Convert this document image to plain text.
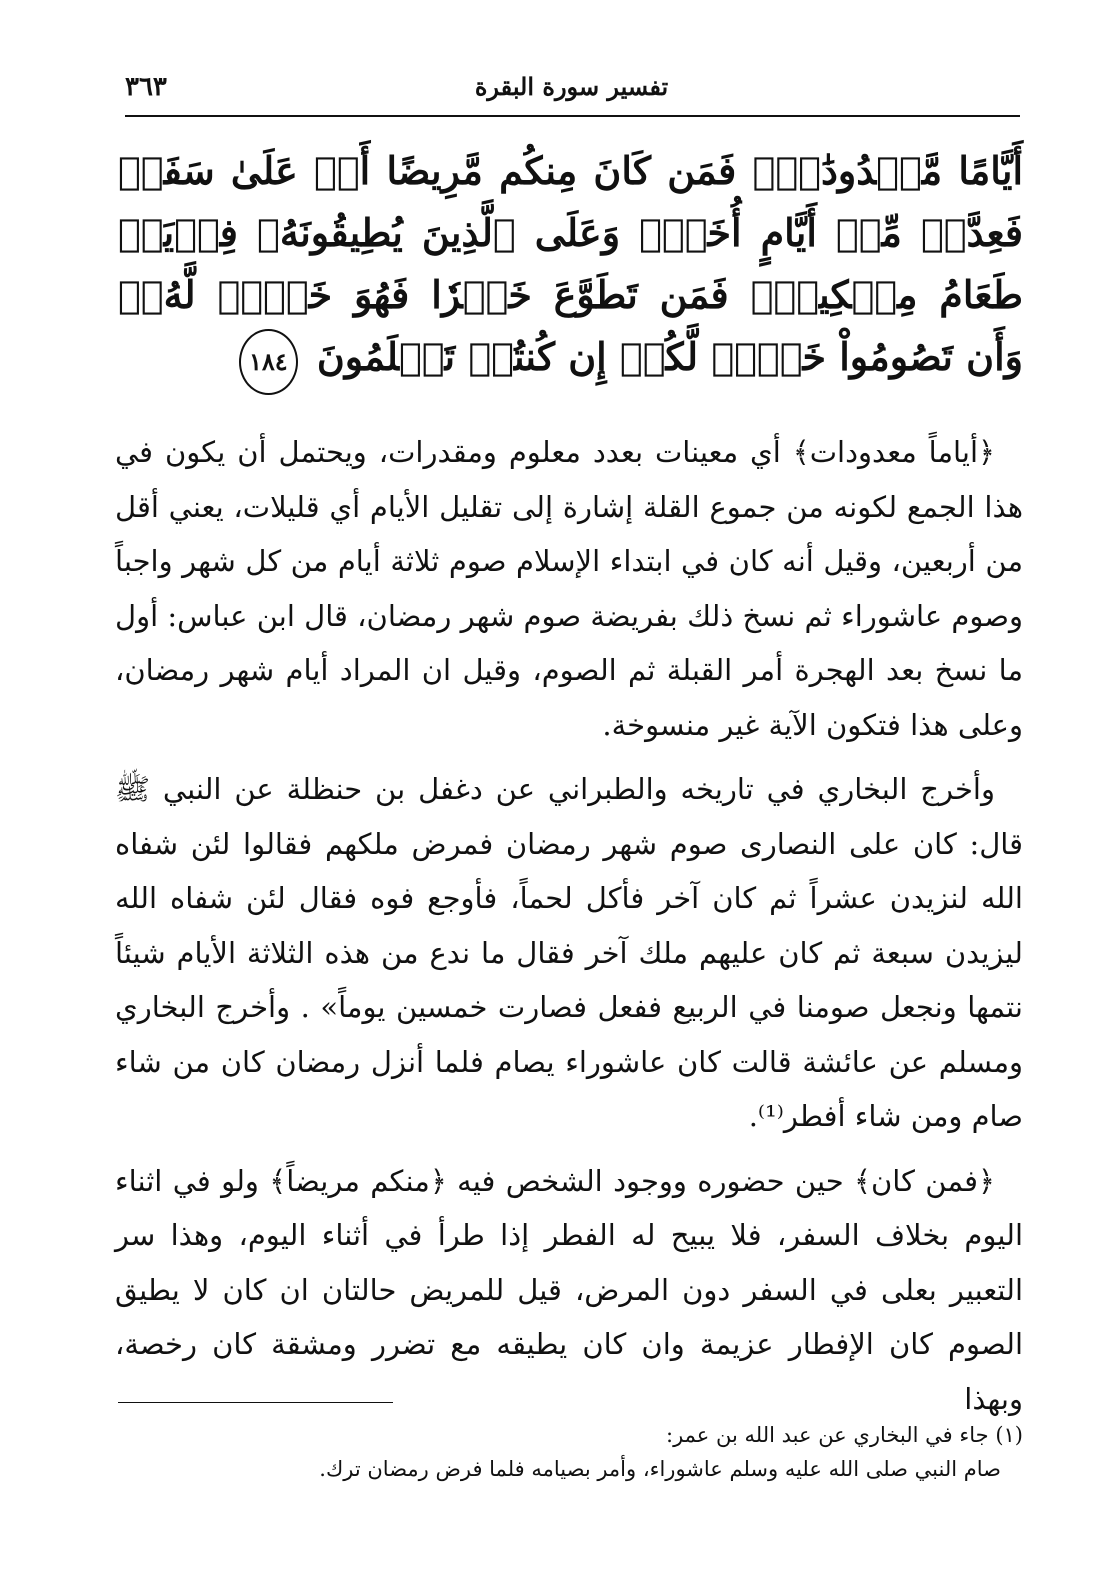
تفسير سورة البقرة
٣٦٣
أَيَّامًا مَّعۡدُودَٰتٖۚ فَمَن كَانَ مِنكُم مَّرِيضًا أَوۡ عَلَىٰ سَفَرٖ فَعِدَّةٞ مِّنۡ أَيَّامٍ أُخَرَۚ وَعَلَى ٱلَّذِينَ يُطِيقُونَهُۥ فِدۡيَةٞ طَعَامُ مِسۡكِينٖۖ فَمَن تَطَوَّعَ خَيۡرٗا فَهُوَ خَيۡرٞ لَّهُۥۚ وَأَن تَصُومُواْ خَيۡرٞ لَّكُمۡ إِن كُنتُمۡ تَعۡلَمُونَ ١٨٤

﴿أياماً معدودات﴾ أي معينات بعدد معلوم ومقدرات، ويحتمل أن يكون في هذا الجمع لكونه من جموع القلة إشارة إلى تقليل الأيام أي قليلات، يعني أقل من أربعين، وقيل أنه كان في ابتداء الإسلام صوم ثلاثة أيام من كل شهر واجباً وصوم عاشوراء ثم نسخ ذلك بفريضة صوم شهر رمضان، قال ابن عباس: أول ما نسخ بعد الهجرة أمر القبلة ثم الصوم، وقيل ان المراد أيام شهر رمضان، وعلى هذا فتكون الآية غير منسوخة.

وأخرج البخاري في تاريخه والطبراني عن دغفل بن حنظلة عن النبي ﷺ قال: كان على النصارى صوم شهر رمضان فمرض ملكهم فقالوا لئن شفاه الله لنزيدن عشراً ثم كان آخر فأكل لحماً، فأوجع فوه فقال لئن شفاه الله ليزيدن سبعة ثم كان عليهم ملك آخر فقال ما ندع من هذه الثلاثة الأيام شيئاً نتمها ونجعل صومنا في الربيع ففعل فصارت خمسين يوماً» . وأخرج البخاري ومسلم عن عائشة قالت كان عاشوراء يصام فلما أنزل رمضان كان من شاء صام ومن شاء أفطر⁽¹⁾.

﴿فمن كان﴾ حين حضوره ووجود الشخص فيه ﴿منكم مريضاً﴾ ولو في اثناء اليوم بخلاف السفر، فلا يبيح له الفطر إذا طرأ في أثناء اليوم، وهذا سر التعبير بعلى في السفر دون المرض، قيل للمريض حالتان ان كان لا يطيق الصوم كان الإفطار عزيمة وان كان يطيقه مع تضرر ومشقة كان رخصة، وبهذا

(١) جاء في البخاري عن عبد الله بن عمر:

صام النبي صلى الله عليه وسلم عاشوراء، وأمر بصيامه فلما فرض رمضان ترك.
